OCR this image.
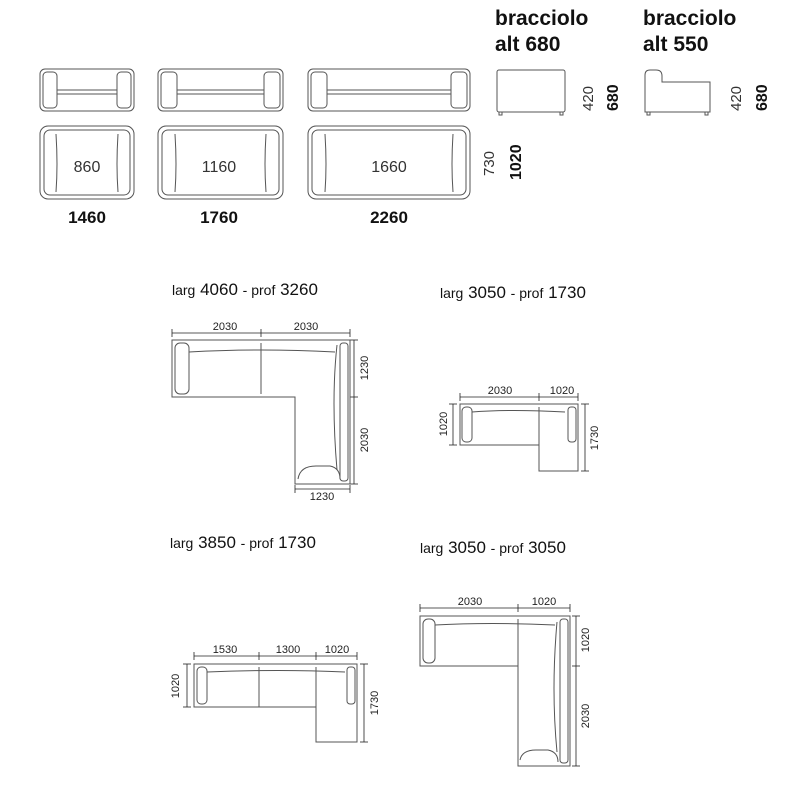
bracciolo
alt 680
bracciolo
alt 550
420 680	420 680
860
1460
1160
1760
1660
2260
730 1020
larg 4060 - prof 3260
2030	2030
1230
2030
1230
larg 3050 - prof 1730
2030	1020
1020
1730
larg 3850 - prof 1730
1530	1300 1020
1020
1730
larg 3050 - prof 3050
2030	1020
1020
2030
